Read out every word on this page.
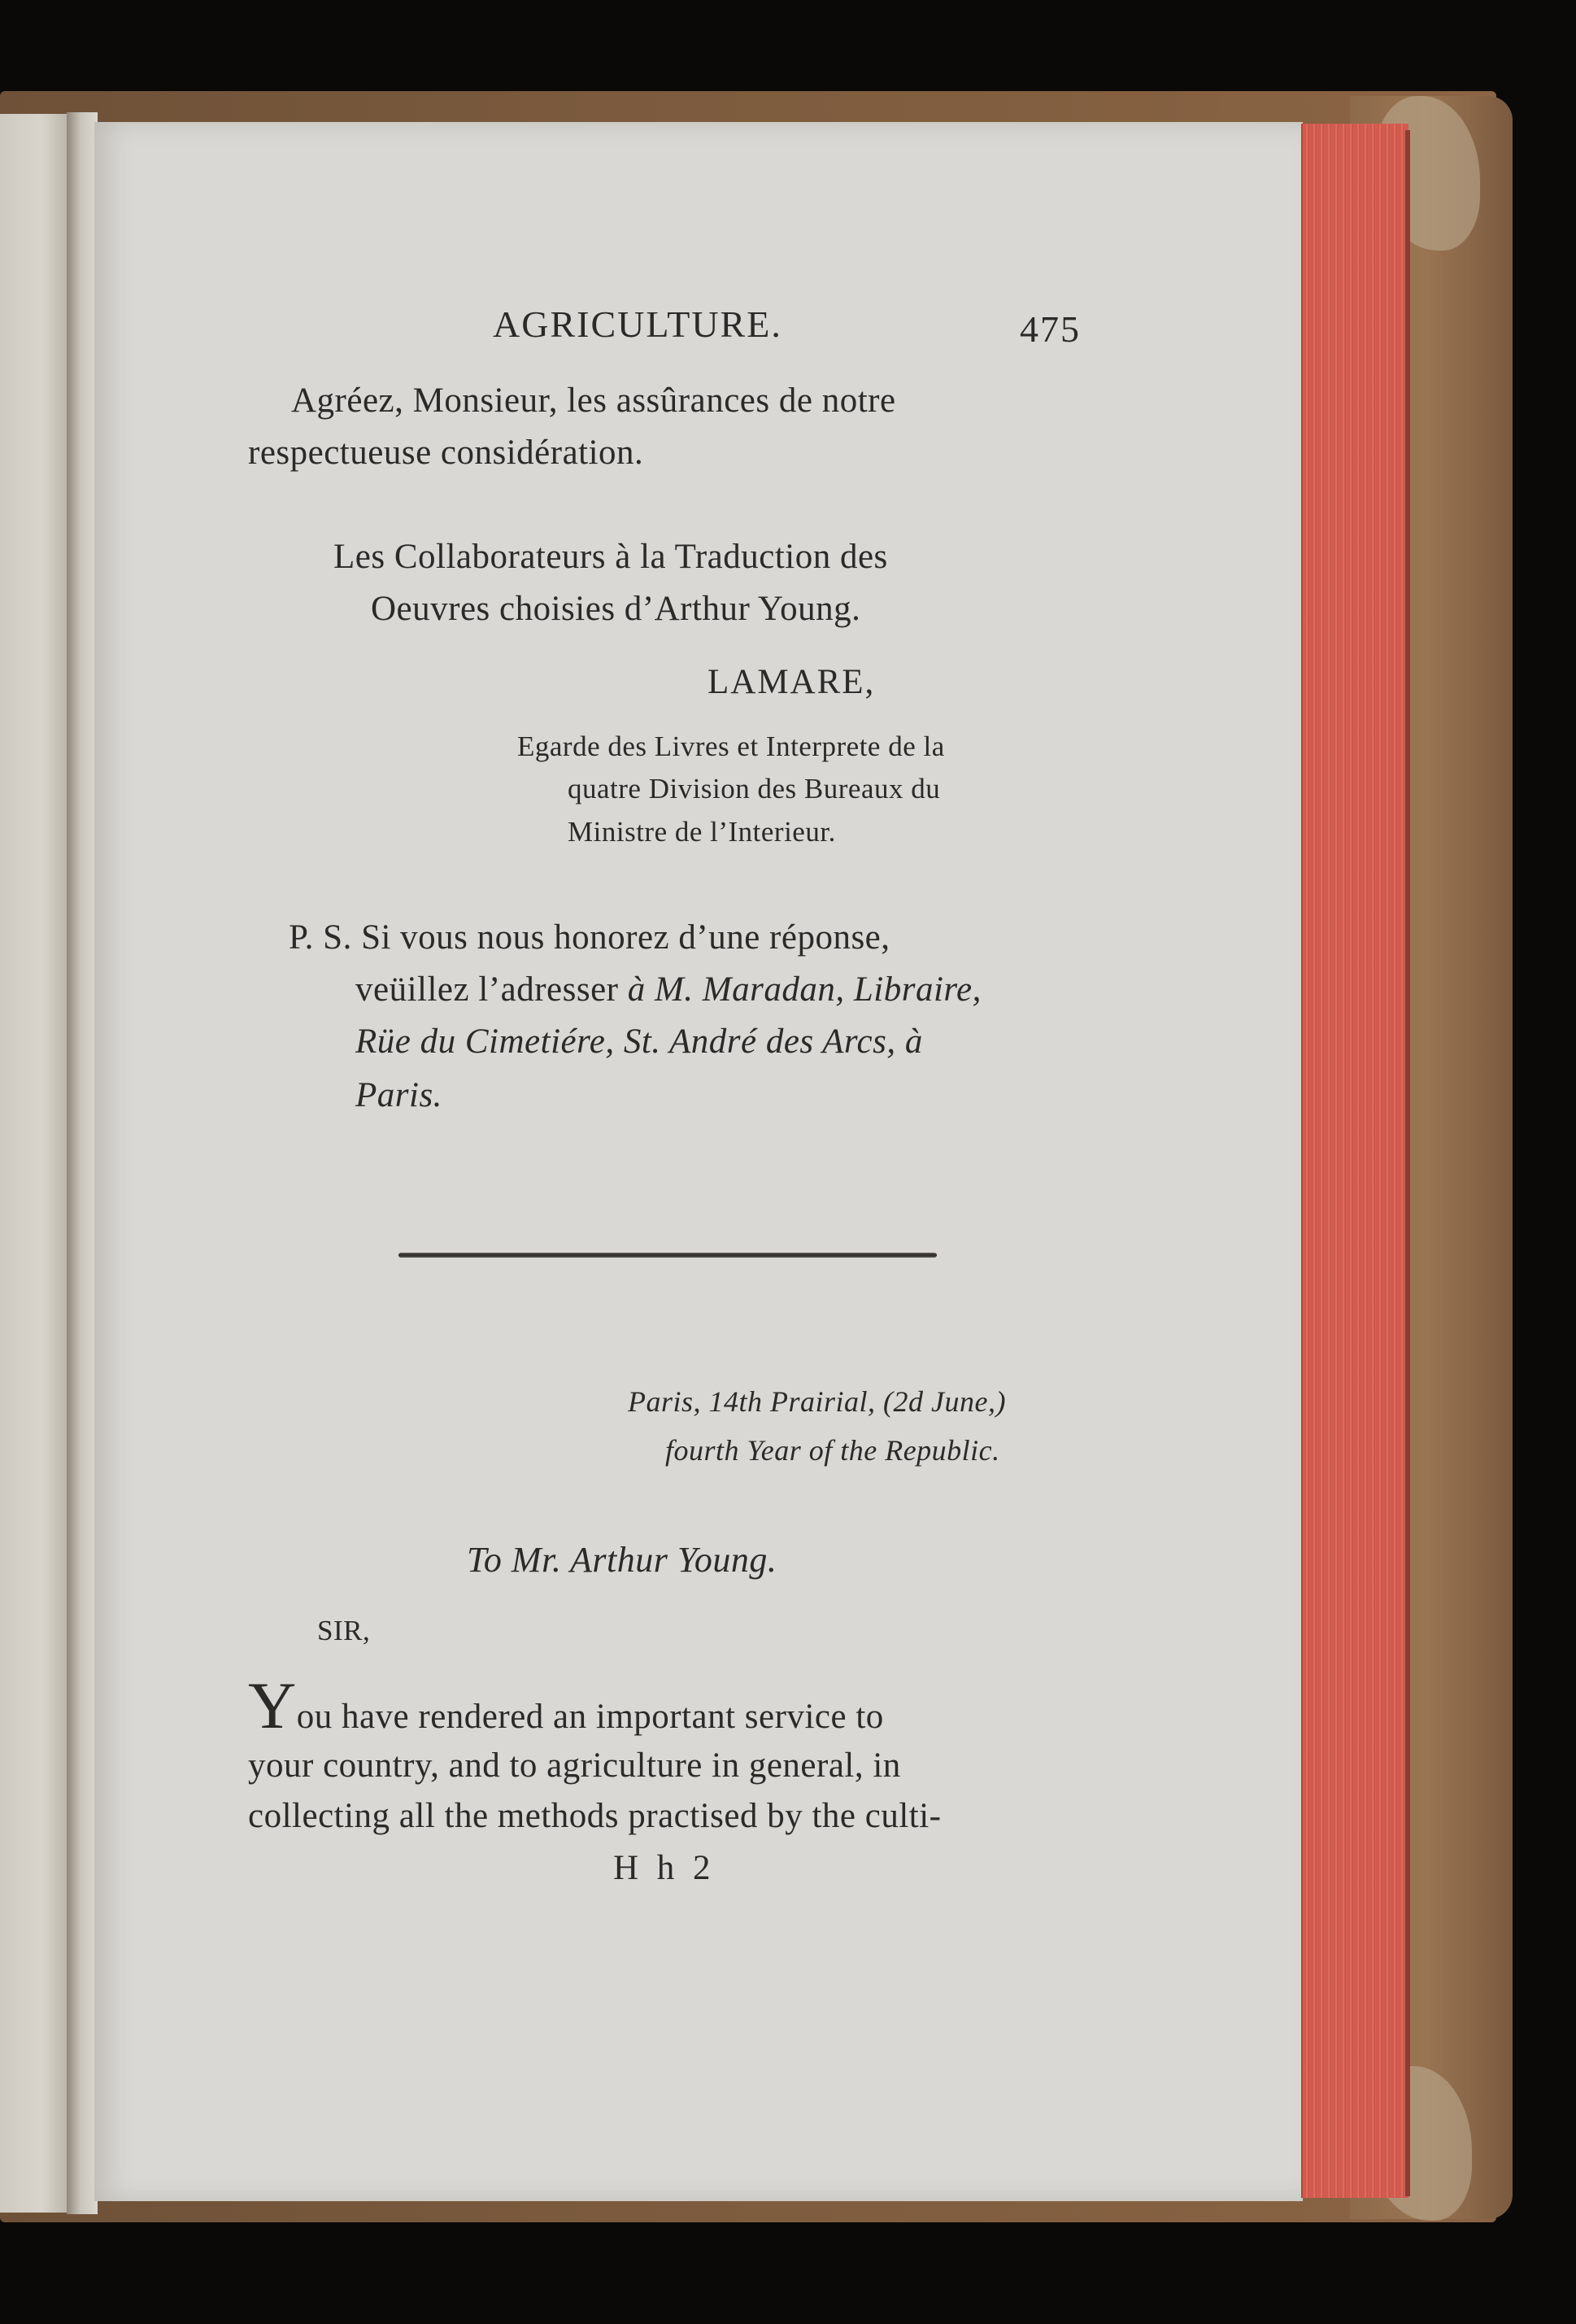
AGRICULTURE.	475
Agréez, Monsieur, les assûrances de notre
respectueuse considération.
Les Collaborateurs à la Traduction des
Oeuvres choisies d’Arthur Young.
LAMARE,
Egarde des Livres et Interprete de la
quatre Division des Bureaux du
Ministre de l’Interieur.
P. S. Si vous nous honorez d’une réponse,
veüillez l’adresser à M. Maradan, Libraire,
Rüe du Cimetiére, St. André des Arcs, à
Paris.
Paris, 14th Prairial, (2d June,)
fourth Year of the Republic.
To Mr. Arthur Young.
SIR,
You have rendered an important service to
your country, and to agriculture in general, in
collecting all the methods practised by the culti-
H h 2
